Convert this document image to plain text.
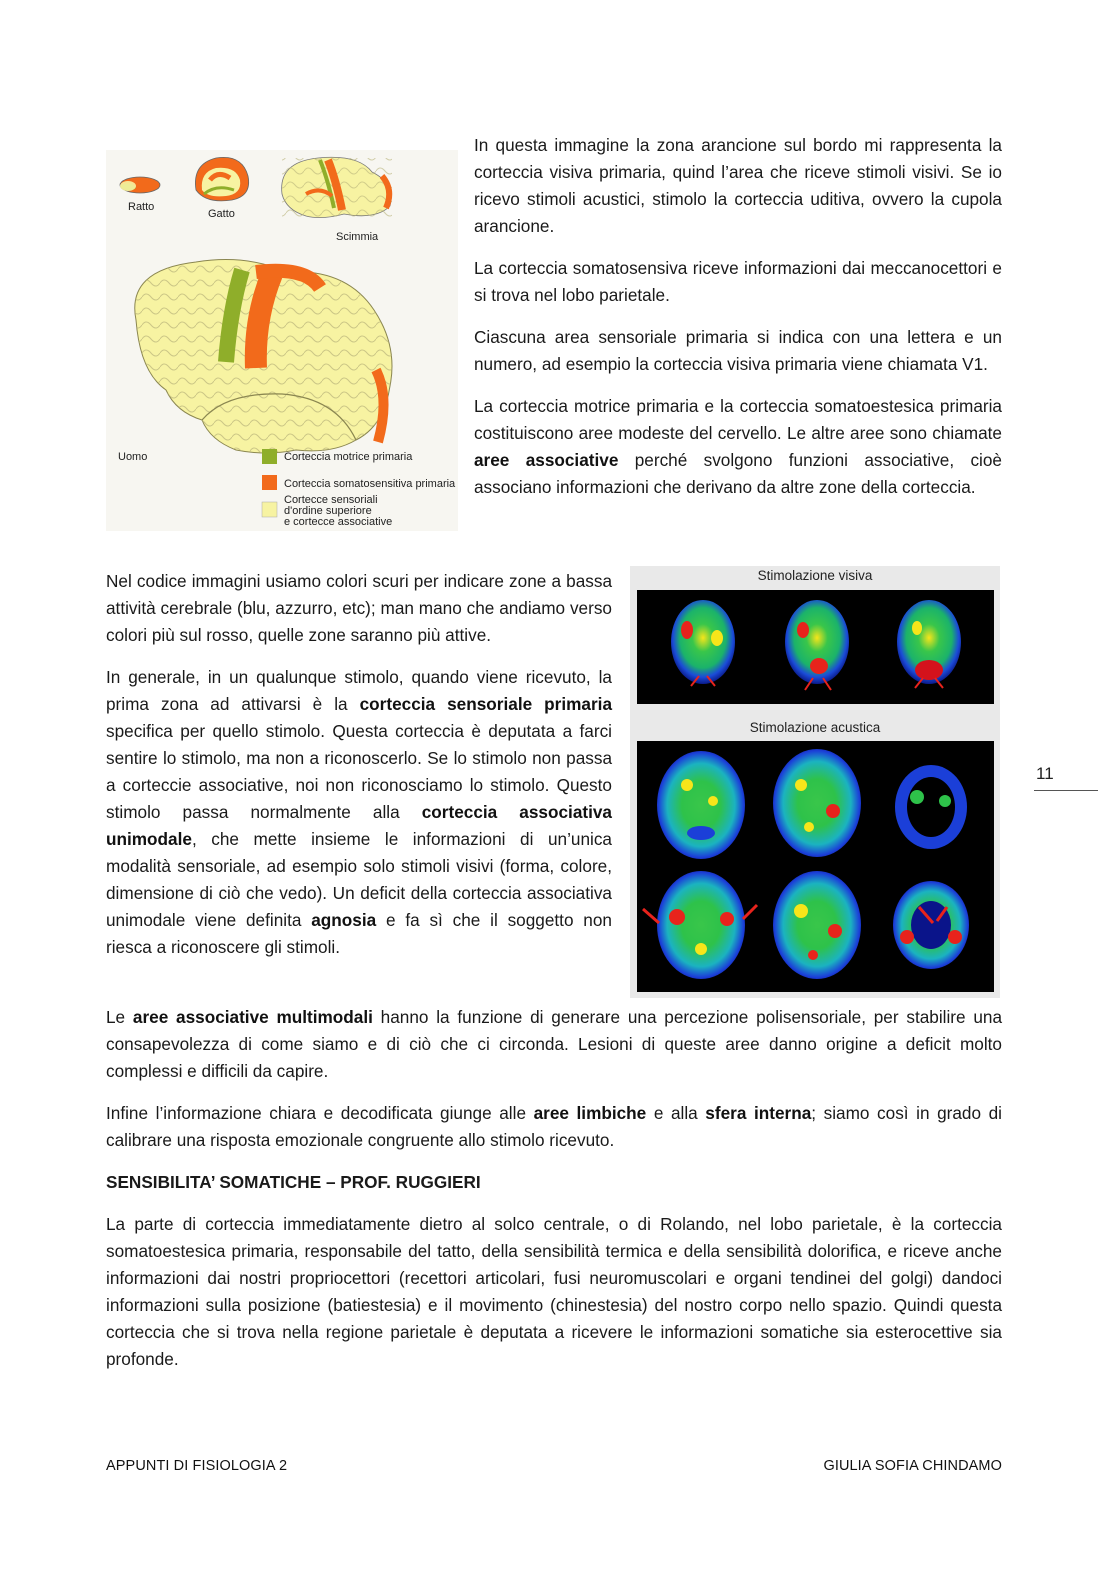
Ratto
Gatto
Scimmia
Uomo	Corteccia motrice primaria
Corteccia somatosensitiva primaria
Cortecce sensoriali
d'ordine superiore
e cortecce associative

In questa immagine la zona arancione sul bordo mi rappresenta la corteccia visiva primaria, quind l’area che riceve stimoli visivi. Se io ricevo stimoli acustici, stimolo la corteccia uditiva, ovvero la cupola arancione.

La corteccia somatosensiva riceve informazioni dai meccanocettori e si trova nel lobo parietale.

Ciascuna area sensoriale primaria si indica con una lettera e un numero, ad esempio la corteccia visiva primaria viene chiamata V1.

La corteccia motrice primaria e la corteccia somatoestesica primaria costituiscono aree modeste del cervello. Le altre aree sono chiamate aree associative perché svolgono funzioni associative, cioè associano informazioni che derivano da altre zone della corteccia.

Nel codice immagini usiamo colori scuri per indicare zone a bassa attività cerebrale (blu, azzurro, etc); man mano che andiamo verso colori più sul rosso, quelle zone saranno più attive.

In generale, in un qualunque stimolo, quando viene ricevuto, la prima zona ad attivarsi è la corteccia sensoriale primaria specifica per quello stimolo. Questa corteccia è deputata a farci sentire lo stimolo, ma non a riconoscerlo. Se lo stimolo non passa a corteccie associative, noi non riconosciamo lo stimolo. Questo stimolo passa normalmente alla corteccia associativa unimodale, che mette insieme le informazioni di un’unica modalità sensoriale, ad esempio solo stimoli visivi (forma, colore, dimensione di ciò che vedo). Un deficit della corteccia associativa unimodale viene definita agnosia e fa sì che il soggetto non riesca a riconoscere gli stimoli.

Stimolazione visiva
Stimolazione acustica

Le aree associative multimodali hanno la funzione di generare una percezione polisensoriale, per stabilire una consapevolezza di come siamo e di ciò che ci circonda. Lesioni di queste aree danno origine a deficit molto complessi e difficili da capire.

Infine l’informazione chiara e decodificata giunge alle aree limbiche e alla sfera interna; siamo così in grado di calibrare una risposta emozionale congruente allo stimolo ricevuto.

SENSIBILITA’ SOMATICHE – PROF. RUGGIERI

La parte di corteccia immediatamente dietro al solco centrale, o di Rolando, nel lobo parietale, è la corteccia somatoestesica primaria, responsabile del tatto, della sensibilità termica e della sensibilità dolorifica, e riceve anche informazioni dai nostri propriocettori (recettori articolari, fusi neuromuscolari e organi tendinei del golgi) dandoci informazioni sulla posizione (batiestesia) e il movimento (chinestesia) del nostro corpo nello spazio. Quindi questa corteccia che si trova nella regione parietale è deputata a ricevere le informazioni somatiche sia esterocettive sia profonde.

11
APPUNTI DI FISIOLOGIA 2	GIULIA SOFIA CHINDAMO
